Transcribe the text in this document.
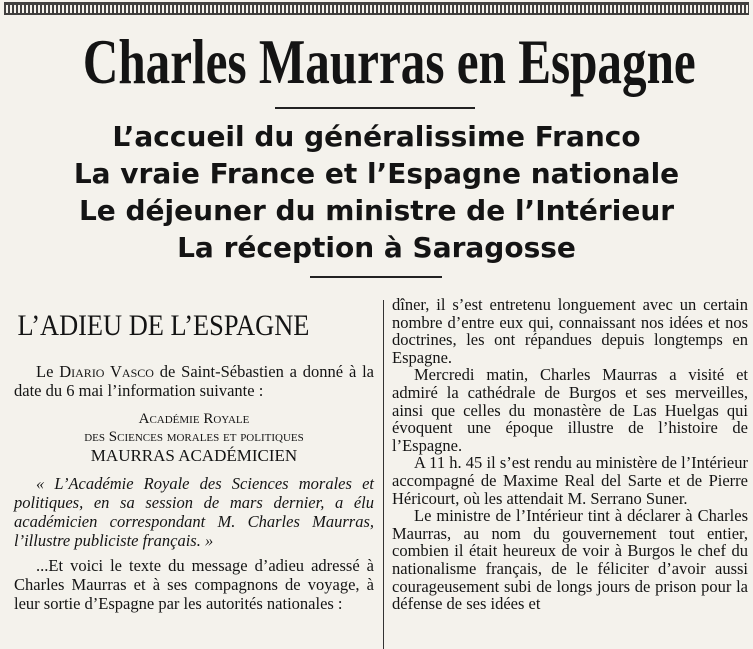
Charles Maurras en Espagne
L’accueil du généralissime Franco
La vraie France et l’Espagne nationale
Le déjeuner du ministre de l’Intérieur
La réception à Saragosse
L’ADIEU DE L’ESPAGNE

Le Diario Vasco de Saint-Sébastien a donné à la date du 6 mai l’information suivante :

Académie Royale
des Sciences morales et politiques
MAURRAS ACADÉMICIEN

« L’Académie Royale des Sciences morales et politiques, en sa session de mars dernier, a élu académicien correspondant M. Charles Maurras, l’illustre publiciste français. »

...Et voici le texte du message d’adieu adressé à Charles Maurras et à ses compagnons de voyage, à leur sortie d’Espagne par les autorités nationales :

dîner, il s’est entretenu longuement avec un certain nombre d’entre eux qui, connaissant nos idées et nos doctrines, les ont répandues depuis longtemps en Espagne.

Mercredi matin, Charles Maurras a visité et admiré la cathédrale de Burgos et ses merveilles, ainsi que celles du monastère de Las Huelgas qui évoquent une époque illustre de l’histoire de l’Espagne.

A 11 h. 45 il s’est rendu au ministère de l’Intérieur accompagné de Maxime Real del Sarte et de Pierre Héricourt, où les attendait M. Serrano Suner.

Le ministre de l’Intérieur tint à déclarer à Charles Maurras, au nom du gouvernement tout entier, combien il était heureux de voir à Burgos le chef du nationalisme français, de le féliciter d’avoir aussi courageusement subi de longs jours de prison pour la défense de ses idées et
